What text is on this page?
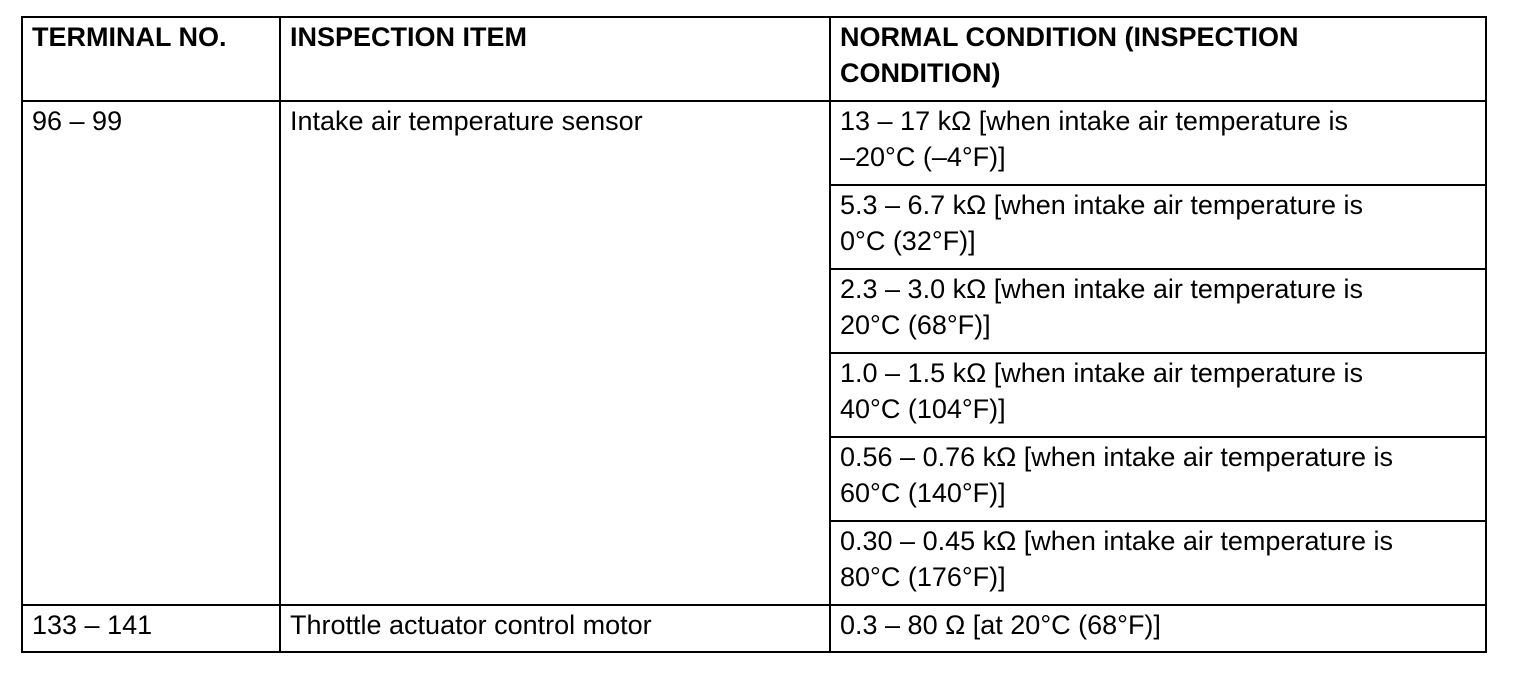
TERMINAL NO.	INSPECTION ITEM	NORMAL CONDITION (INSPECTION
CONDITION)

96 – 99	Intake air temperature sensor	13 – 17 kΩ [when intake air temperature is
–20°C (–4°F)]

		5.3 – 6.7 kΩ [when intake air temperature is
0°C (32°F)]

		2.3 – 3.0 kΩ [when intake air temperature is
20°C (68°F)]

		1.0 – 1.5 kΩ [when intake air temperature is
40°C (104°F)]

		0.56 – 0.76 kΩ [when intake air temperature is
60°C (140°F)]

		0.30 – 0.45 kΩ [when intake air temperature is
80°C (176°F)]

133 – 141	Throttle actuator control motor	0.3 – 80 Ω [at 20°C (68°F)]
